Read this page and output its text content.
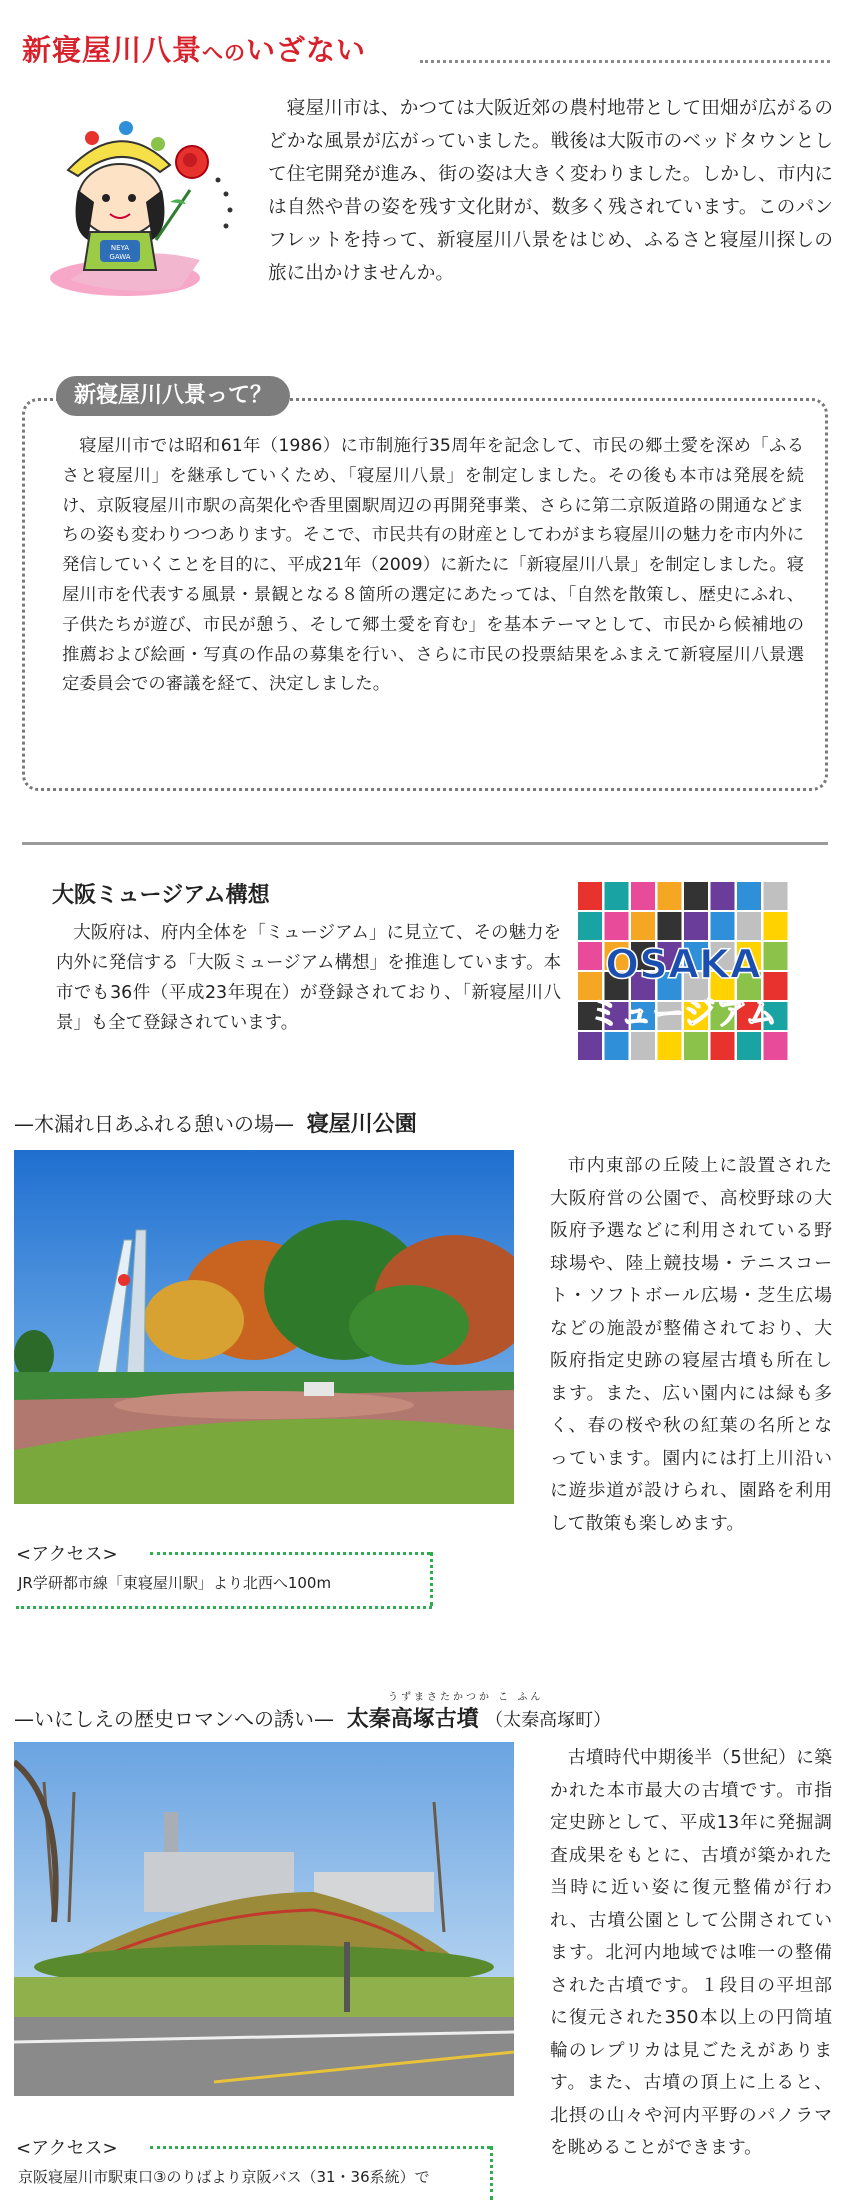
新寝屋川八景へのいざない
NEYA
GAWA
寝屋川市は、かつては大阪近郊の農村地帯として田畑が広がるのどかな風景が広がっていました。戦後は大阪市のベッドタウンとして住宅開発が進み、街の姿は大きく変わりました。しかし、市内には自然や昔の姿を残す文化財が、数多く残されています。このパンフレットを持って、新寝屋川八景をはじめ、ふるさと寝屋川探しの旅に出かけませんか。
新寝屋川八景って？
寝屋川市では昭和61年（1986）に市制施行35周年を記念して、市民の郷土愛を深め「ふるさと寝屋川」を継承していくため、「寝屋川八景」を制定しました。その後も本市は発展を続け、京阪寝屋川市駅の高架化や香里園駅周辺の再開発事業、さらに第二京阪道路の開通などまちの姿も変わりつつあります。そこで、市民共有の財産としてわがまち寝屋川の魅力を市内外に発信していくことを目的に、平成21年（2009）に新たに「新寝屋川八景」を制定しました。寝屋川市を代表する風景・景観となる８箇所の選定にあたっては、「自然を散策し、歴史にふれ、子供たちが遊び、市民が憩う、そして郷土愛を育む」を基本テーマとして、市民から候補地の推薦および絵画・写真の作品の募集を行い、さらに市民の投票結果をふまえて新寝屋川八景選定委員会での審議を経て、決定しました。
大阪ミュージアム構想
大阪府は、府内全体を「ミュージアム」に見立て、その魅力を内外に発信する「大阪ミュージアム構想」を推進しています。本市でも36件（平成23年現在）が登録されており、「新寝屋川八景」も全て登録されています。
OSAKA
ミュージアム
—木漏れ日あふれる憩いの場— 寝屋川公園
市内東部の丘陵上に設置された大阪府営の公園で、高校野球の大阪府予選などに利用されている野球場や、陸上競技場・テニスコート・ソフトボール広場・芝生広場などの施設が整備されており、大阪府指定史跡の寝屋古墳も所在します。また、広い園内には緑も多く、春の桜や秋の紅葉の名所となっています。園内には打上川沿いに遊歩道が設けられ、園路を利用して散策も楽しめます。
<アクセス>
JR学研都市線「東寝屋川駅」より北西へ100m
うずまさたかつか こ ふん
—いにしえの歴史ロマンへの誘い— 太秦高塚古墳 （太秦高塚町）
古墳時代中期後半（5世紀）に築かれた本市最大の古墳です。市指定史跡として、平成13年に発掘調査成果をもとに、古墳が築かれた当時に近い姿に復元整備が行われ、古墳公園として公開されています。北河内地域では唯一の整備された古墳です。１段目の平坦部に復元された350本以上の円筒埴輪のレプリカは見ごたえがあります。また、古墳の頂上に上ると、北摂の山々や河内平野のパノラマを眺めることができます。
<アクセス>
京阪寝屋川市駅東口③のりばより京阪バス（31・36系統）で
